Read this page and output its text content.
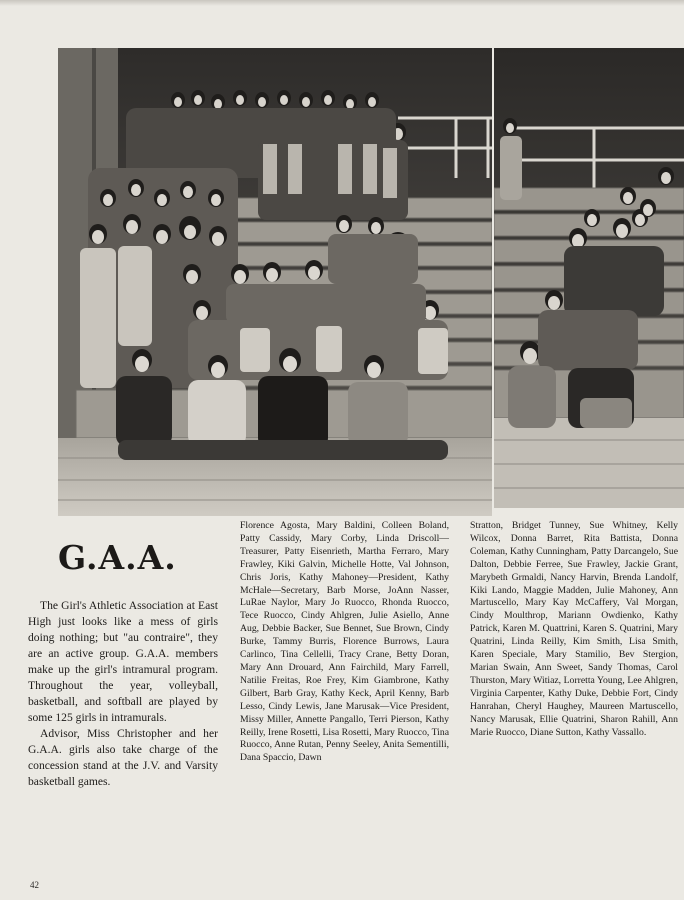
G.A.A.

The Girl's Athletic Association at East High just looks like a mess of girls doing nothing; but "au contraire", they are an active group. G.A.A. members make up the girl's intramural program. Throughout the year, volleyball, basketball, and softball are played by some 125 girls in intramurals.

Advisor, Miss Christopher and her G.A.A. girls also take charge of the concession stand at the J.V. and Varsity basketball games.

Florence Agosta, Mary Baldini, Colleen Boland, Patty Cassidy, Mary Corby, Linda Driscoll—Treasurer, Patty Eisenrieth, Martha Ferraro, Mary Frawley, Kiki Galvin, Michelle Hotte, Val Johnson, Chris Joris, Kathy Mahoney—President, Kathy McHale—Secretary, Barb Morse, JoAnn Nasser, LuRae Naylor, Mary Jo Ruocco, Rhonda Ruocco, Tece Ruocco, Cindy Ahlgren, Julie Asiello, Anne Aug, Debbie Backer, Sue Bennet, Sue Brown, Cindy Burke, Tammy Burris, Florence Burrows, Laura Carlinco, Tina Cellelli, Tracy Crane, Betty Doran, Mary Ann Drouard, Ann Fairchild, Mary Farrell, Natilie Freitas, Roe Frey, Kim Giambrone, Kathy Gilbert, Barb Gray, Kathy Keck, April Kenny, Barb Lesso, Cindy Lewis, Jane Marusak—Vice President, Missy Miller, Annette Pangallo, Terri Pierson, Kathy Reilly, Irene Rosetti, Lisa Rosetti, Mary Ruocco, Tina Ruocco, Anne Rutan, Penny Seeley, Anita Sementilli, Dana Spaccio, Dawn
Stratton, Bridget Tunney, Sue Whitney, Kelly Wilcox, Donna Barret, Rita Battista, Donna Coleman, Kathy Cunningham, Patty Darcangelo, Sue Dalton, Debbie Ferree, Sue Frawley, Jackie Grant, Marybeth Grmaldi, Nancy Harvin, Brenda Landolf, Kiki Lando, Maggie Madden, Julie Mahoney, Ann Martuscello, Mary Kay McCaffery, Val Morgan, Cindy Moulthrop, Mariann Owdienko, Kathy Patrick, Karen M. Quattrini, Karen S. Quatrini, Mary Quatrini, Linda Reilly, Kim Smith, Lisa Smith, Karen Speciale, Mary Stamilio, Bev Stergion, Marian Swain, Ann Sweet, Sandy Thomas, Carol Thurston, Mary Witiaz, Lorretta Young, Lee Ahlgren, Virginia Carpenter, Kathy Duke, Debbie Fort, Cindy Hanrahan, Cheryl Haughey, Maureen Martuscello, Nancy Marusak, Ellie Quatrini, Sharon Rahill, Ann Marie Ruocco, Diane Sutton, Kathy Vassallo.
42
